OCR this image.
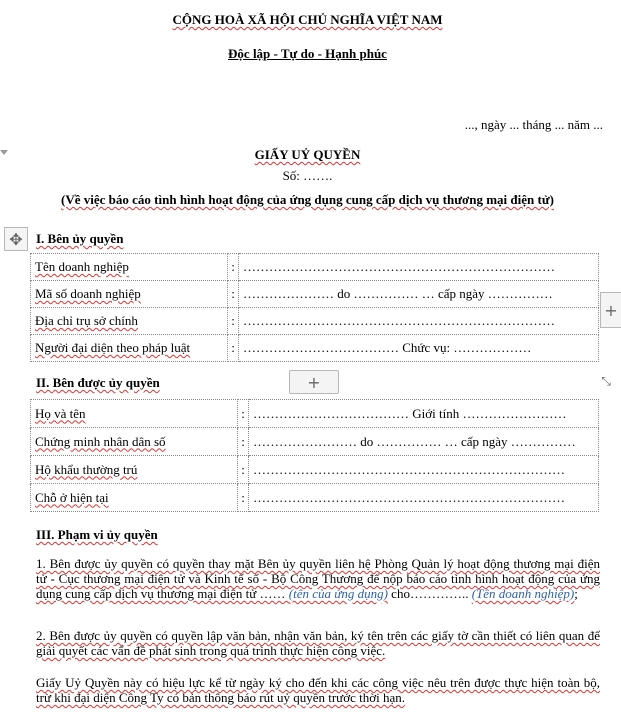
CỘNG HOÀ XÃ HỘI CHỦ NGHĨA VIỆT NAM
Độc lập - Tự do - Hạnh phúc
..., ngày ... tháng ... năm ...
GIẤY UỶ QUYỀN
Số: …….
(Về việc báo cáo tình hình hoạt động của ứng dụng cung cấp dịch vụ thương mại điện tử)
✥ I. Bên ủy quyền
Tên doanh nghiệp	:	………………………………………………………………
Mã số doanh nghiệp	:	………………… do …………… … cấp ngày ……………
Địa chỉ trụ sở chính	:	………………………………………………………………
Người đại diện theo pháp luật	:	……………………………… Chức vụ: ………………
+
II. Bên được ủy quyền	+	⤡
Họ và tên	:	……………………………… Giới tính ……………………
Chứng minh nhân dân số	:	…………………… do …………… … cấp ngày ……………
Hộ khẩu thường trú	:	………………………………………………………………
Chỗ ở hiện tại	:	………………………………………………………………
III. Phạm vi ủy quyền
1. Bên được ủy quyền có quyền thay mặt Bên ủy quyền liên hệ Phòng Quản lý hoạt động thương mại điện tử - Cục thương mại điện tử và Kinh tế số - Bộ Công Thương để nộp báo cáo tình hình hoạt động của ứng dụng cung cấp dịch vụ thương mại điện tử …… (tên của ứng dụng) cho………….. (Tên doanh nghiệp);
2. Bên được ủy quyền có quyền lập văn bản, nhận văn bản, ký tên trên các giấy tờ cần thiết có liên quan để giải quyết các vấn đề phát sinh trong quá trình thực hiện công việc.
Giấy Uỷ Quyền này có hiệu lực kể từ ngày ký cho đến khi các công việc nêu trên được thực hiện toàn bộ, trừ khi đại diện Công Ty có bản thông báo rút uỷ quyền trước thời hạn.
